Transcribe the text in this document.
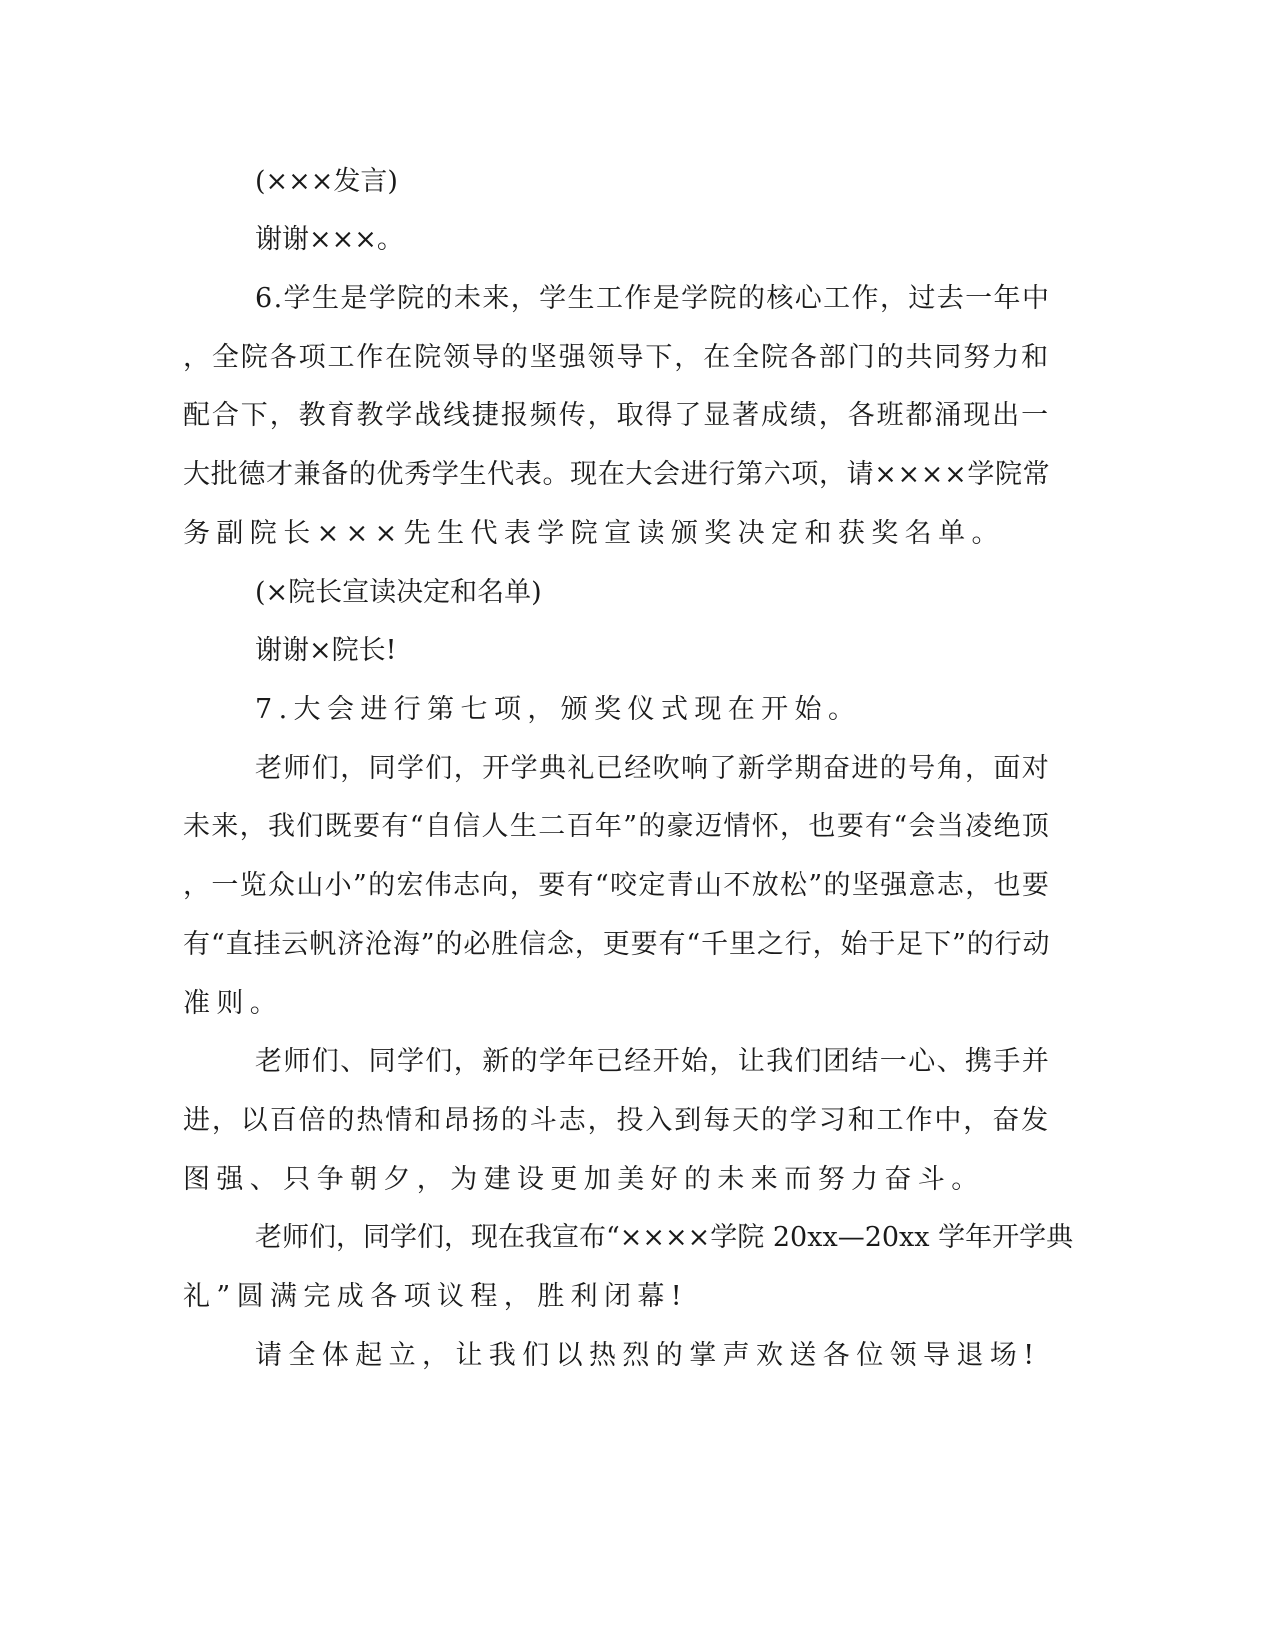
(×××发言)
谢谢×××。
6.学生是学院的未来，学生工作是学院的核心工作，过去一年中
，全院各项工作在院领导的坚强领导下，在全院各部门的共同努力和
配合下，教育教学战线捷报频传，取得了显著成绩，各班都涌现出一
大批德才兼备的优秀学生代表。现在大会进行第六项，请××××学院常
务副院长×××先生代表学院宣读颁奖决定和获奖名单。
(×院长宣读决定和名单)
谢谢×院长!
7.大会进行第七项，颁奖仪式现在开始。
老师们，同学们，开学典礼已经吹响了新学期奋进的号角，面对
未来，我们既要有“自信人生二百年”的豪迈情怀，也要有“会当凌绝顶
，一览众山小”的宏伟志向，要有“咬定青山不放松”的坚强意志，也要
有“直挂云帆济沧海”的必胜信念，更要有“千里之行，始于足下”的行动
准则。
老师们、同学们，新的学年已经开始，让我们团结一心、携手并
进，以百倍的热情和昂扬的斗志，投入到每天的学习和工作中，奋发
图强、只争朝夕，为建设更加美好的未来而努力奋斗。
老师们，同学们，现在我宣布“××××学院 20xx—20xx 学年开学典
礼”圆满完成各项议程，胜利闭幕!
请全体起立，让我们以热烈的掌声欢送各位领导退场!
